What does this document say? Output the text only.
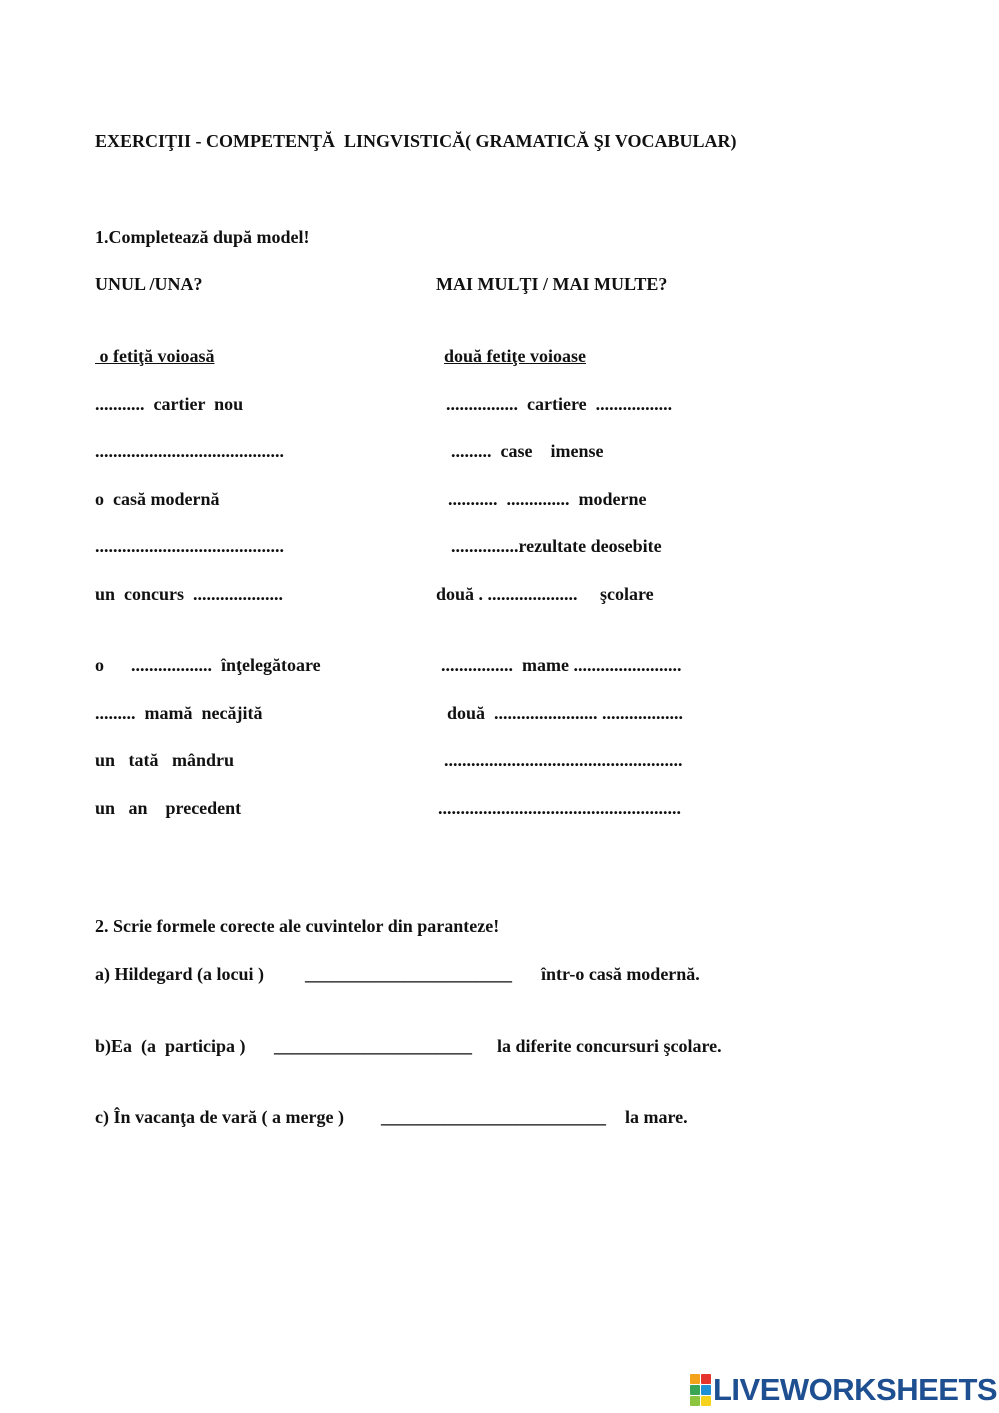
EXERCIŢII - COMPETENŢĂ  LINGVISTICĂ( GRAMATICĂ ŞI VOCABULAR)
1.Completează după model!
UNUL /UNA?	MAI MULŢI / MAI MULTE?
o fetiţă voioasă	două fetiţe voioase
...........  cartier  nou	................  cartiere  .................
..........................................	.........  case    imense
o  casă modernă	...........  ..............  moderne
..........................................	...............rezultate deosebite
un  concurs  ....................	două . ....................     şcolare
o      ..................  înţelegătoare	................  mame ........................
.........  mamă  necăjită	două  ....................... ..................
un   tată   mândru	.....................................................
un   an    precedent	......................................................
2. Scrie formele corecte ale cuvintelor din paranteze!
a) Hildegard (a locui ) _______________________ într-o casă modernă.
b)Ea  (a  participa ) ______________________ la diferite concursuri şcolare.
c) În vacanţa de vară ( a merge ) _________________________ la mare.
LIVEWORKSHEETS
